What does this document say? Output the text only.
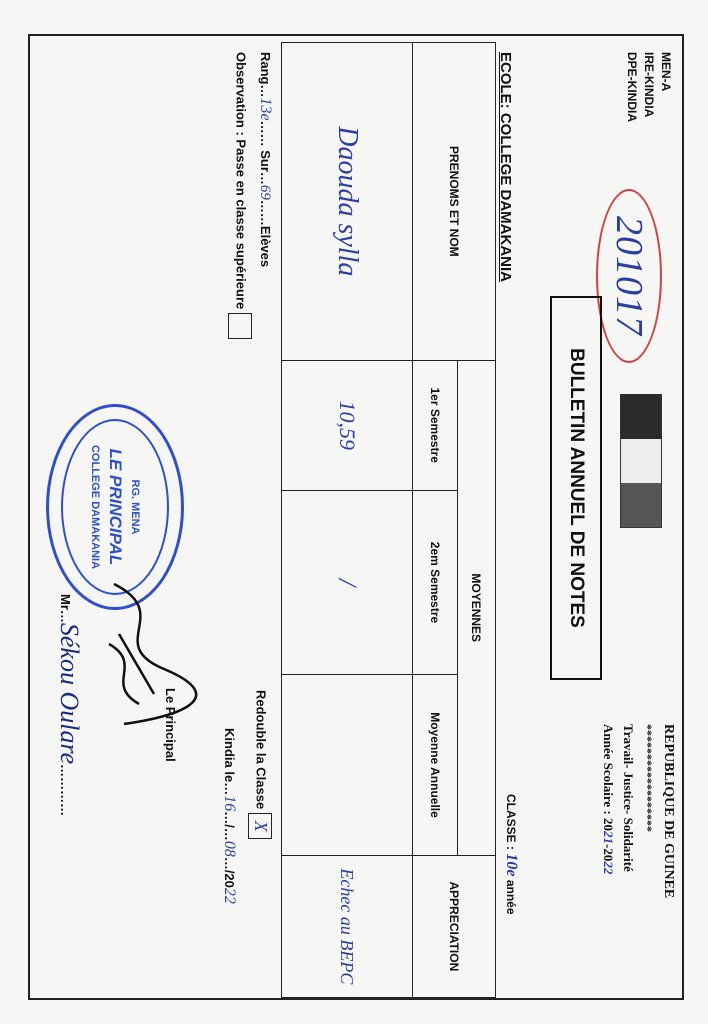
MEN-A
IRE-KINDIA
DPE-KINDIA
201017
REPUBLIQUE DE GUINEE
******************
Travail- Justice- Solidarité
Année Scolaire : 2021-2022
BULLETIN ANNUEL DE NOTES
ECOLE: COLLEGE DAMAKANIA
CLASSE : 10e année
PRENOMS ET NOM	MOYENNES			APPRECIATION
	1er Semestre	2em Semestre	Moyenne Annuelle	
Daouda sylla	10,59	/		Echec au BEPC
Rang…13e…… Sur…69……Elèves
Observation : Passe en classe supérieure
Redouble la ClasseX
Kindia le…16…/…08…/2022
Le Principal
RG. MENA
LE PRINCIPAL
COLLEGE DAMAKANIA
Mr…Sékou Oulare…………
